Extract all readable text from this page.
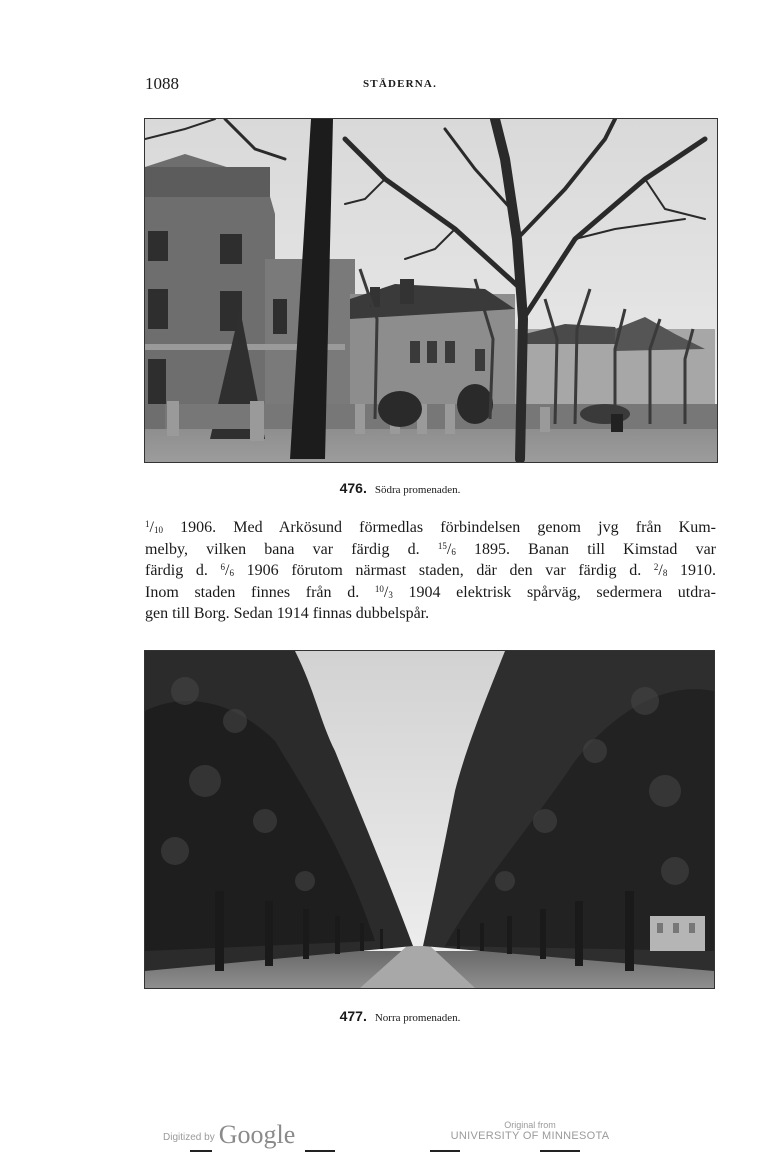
1088	STÄDERNA.
476. Södra promenaden.
$^1/_{10}$ 1906. Med Arkösund förmedlas förbindelsen genom jvg från Kum-
melby, vilken bana var färdig d. $^{15}/_6$ 1895. Banan till Kimstad var
färdig d. $^6/_6$ 1906 förutom närmast staden, där den var färdig d. $^2/_8$ 1910.
Inom staden finnes från d. $^{10}/_3$ 1904 elektrisk spårväg, sedermera utdra-
gen till Borg. Sedan 1914 finnas dubbelspår.
477. Norra promenaden.
Digitized by Google	Original from
UNIVERSITY OF MINNESOTA
